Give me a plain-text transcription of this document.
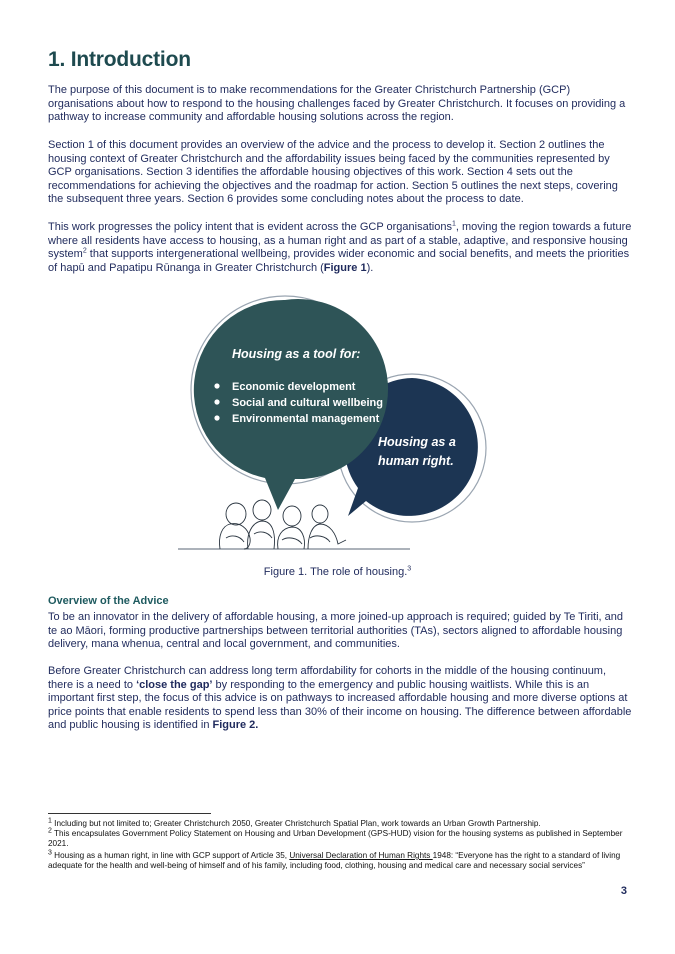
1. Introduction

The purpose of this document is to make recommendations for the Greater Christchurch Partnership (GCP) organisations about how to respond to the housing challenges faced by Greater Christchurch. It focuses on providing a pathway to increase community and affordable housing solutions across the region.

Section 1 of this document provides an overview of the advice and the process to develop it. Section 2 outlines the housing context of Greater Christchurch and the affordability issues being faced by the communities represented by GCP organisations. Section 3 identifies the affordable housing objectives of this work. Section 4 sets out the recommendations for achieving the objectives and the roadmap for action. Section 5 outlines the next steps, covering the subsequent three years. Section 6 provides some concluding notes about the process to date.

This work progresses the policy intent that is evident across the GCP organisations$^1$, moving the region towards a future where all residents have access to housing, as a human right and as part of a stable, adaptive, and responsive housing system$^2$ that supports intergenerational wellbeing, provides wider economic and social benefits, and meets the priorities of hapū and Papatipu Rūnanga in Greater Christchurch (Figure 1).

Housing as a tool for:
Economic development
Social and cultural wellbeing
Environmental management
Housing as a
human right.
Figure 1. The role of housing.$^3$
Overview of the Advice

To be an innovator in the delivery of affordable housing, a more joined-up approach is required; guided by Te Tiriti, and te ao Māori, forming productive partnerships between territorial authorities (TAs), sectors aligned to affordable housing delivery, mana whenua, central and local government, and communities.

Before Greater Christchurch can address long term affordability for cohorts in the middle of the housing continuum, there is a need to ‘close the gap’ by responding to the emergency and public housing waitlists. While this is an important first step, the focus of this advice is on pathways to increased affordable housing and more diverse options at price points that enable residents to spend less than 30% of their income on housing. The difference between affordable and public housing is identified in Figure 2.

$^1$ Including but not limited to; Greater Christchurch 2050, Greater Christchurch Spatial Plan, work towards an Urban Growth Partnership.

$^2$ This encapsulates Government Policy Statement on Housing and Urban Development (GPS-HUD) vision for the housing systems as published in September 2021.

$^3$ Housing as a human right, in line with GCP support of Article 35, Universal Declaration of Human Rights 1948: “Everyone has the right to a standard of living adequate for the health and well-being of himself and of his family, including food, clothing, housing and medical care and necessary social services”

3
